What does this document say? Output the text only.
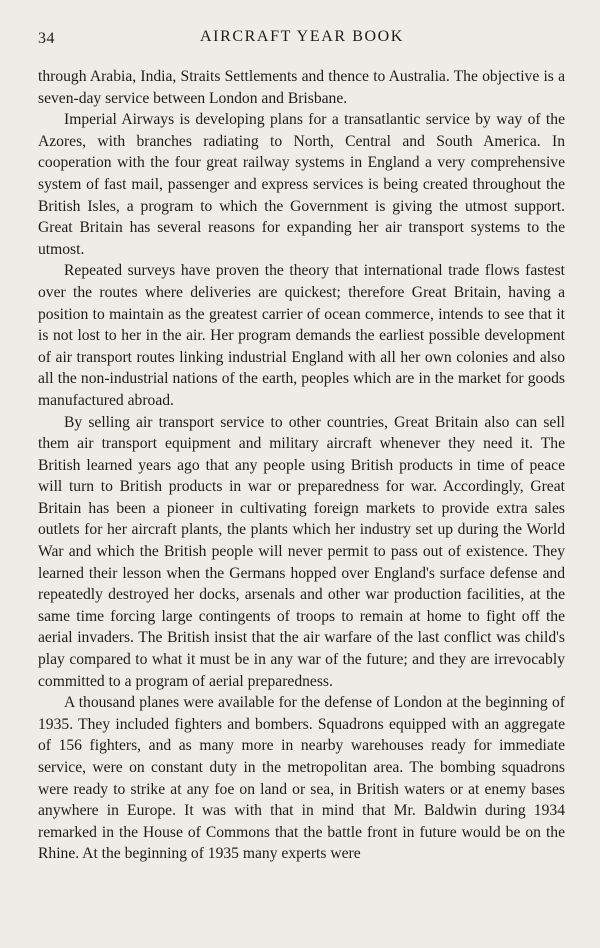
34	AIRCRAFT YEAR BOOK

through Arabia, India, Straits Settlements and thence to Australia. The objective is a seven-day service between London and Brisbane.

Imperial Airways is developing plans for a transatlantic service by way of the Azores, with branches radiating to North, Central and South America. In cooperation with the four great railway systems in England a very comprehensive system of fast mail, passenger and express services is being created throughout the British Isles, a program to which the Government is giving the utmost support. Great Britain has several reasons for expanding her air transport systems to the utmost.

Repeated surveys have proven the theory that international trade flows fastest over the routes where deliveries are quickest; therefore Great Britain, having a position to maintain as the greatest carrier of ocean commerce, intends to see that it is not lost to her in the air. Her program demands the earliest possible development of air transport routes linking industrial England with all her own colonies and also all the non-industrial nations of the earth, peoples which are in the market for goods manufactured abroad.

By selling air transport service to other countries, Great Britain also can sell them air transport equipment and military aircraft whenever they need it. The British learned years ago that any people using British products in time of peace will turn to British products in war or preparedness for war. Accordingly, Great Britain has been a pioneer in cultivating foreign markets to provide extra sales outlets for her aircraft plants, the plants which her industry set up during the World War and which the British people will never permit to pass out of existence. They learned their lesson when the Germans hopped over England's surface defense and repeatedly destroyed her docks, arsenals and other war production facilities, at the same time forcing large contingents of troops to remain at home to fight off the aerial invaders. The British insist that the air warfare of the last conflict was child's play compared to what it must be in any war of the future; and they are irrevocably committed to a program of aerial preparedness.

A thousand planes were available for the defense of London at the beginning of 1935. They included fighters and bombers. Squadrons equipped with an aggregate of 156 fighters, and as many more in nearby warehouses ready for immediate service, were on constant duty in the metropolitan area. The bombing squadrons were ready to strike at any foe on land or sea, in British waters or at enemy bases anywhere in Europe. It was with that in mind that Mr. Baldwin during 1934 remarked in the House of Commons that the battle front in future would be on the Rhine. At the beginning of 1935 many experts were
